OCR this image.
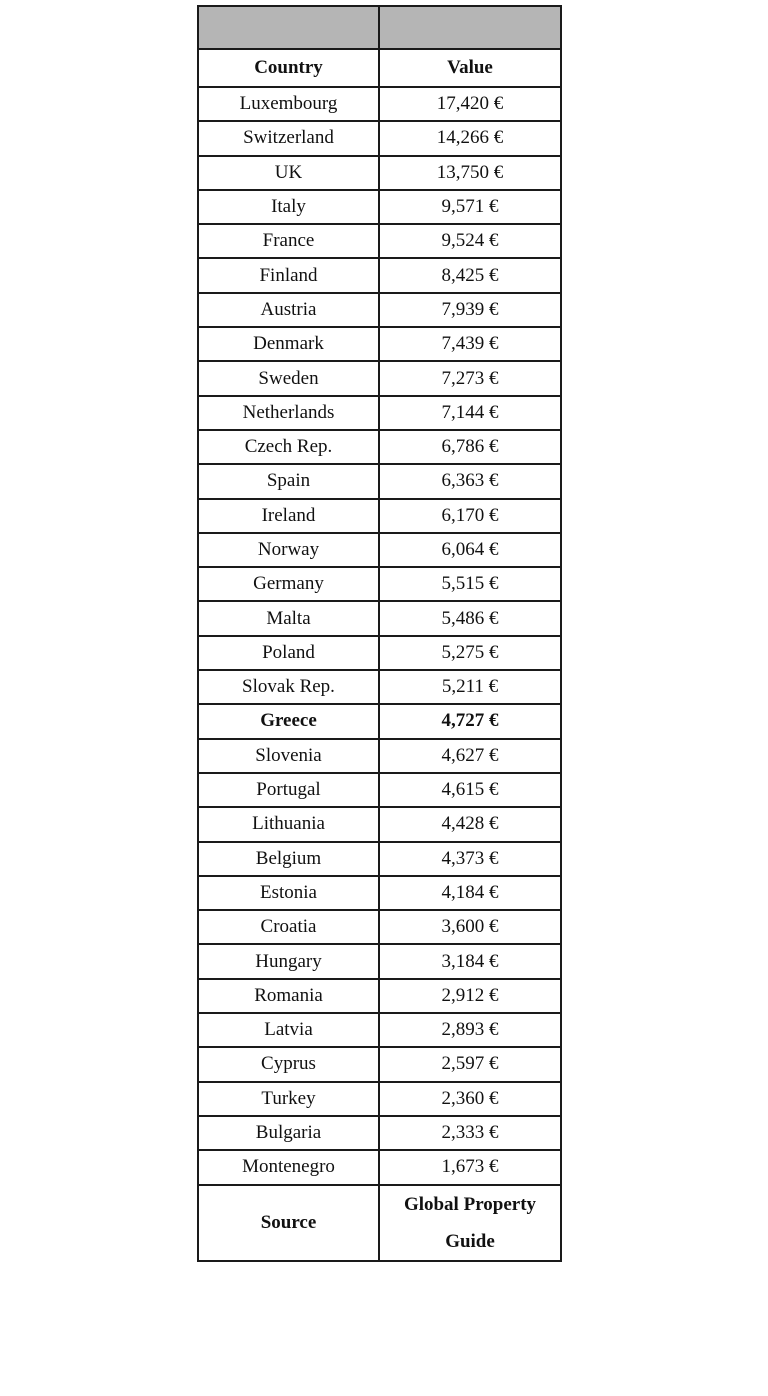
Country	Value
Luxembourg	17,420 €
Switzerland	14,266 €
UK	13,750 €
Italy	9,571 €
France	9,524 €
Finland	8,425 €
Austria	7,939 €
Denmark	7,439 €
Sweden	7,273 €
Netherlands	7,144 €
Czech Rep.	6,786 €
Spain	6,363 €
Ireland	6,170 €
Norway	6,064 €
Germany	5,515 €
Malta	5,486 €
Poland	5,275 €
Slovak Rep.	5,211 €
Greece	4,727 €
Slovenia	4,627 €
Portugal	4,615 €
Lithuania	4,428 €
Belgium	4,373 €
Estonia	4,184 €
Croatia	3,600 €
Hungary	3,184 €
Romania	2,912 €
Latvia	2,893 €
Cyprus	2,597 €
Turkey	2,360 €
Bulgaria	2,333 €
Montenegro	1,673 €
Source	Global Property Guide
